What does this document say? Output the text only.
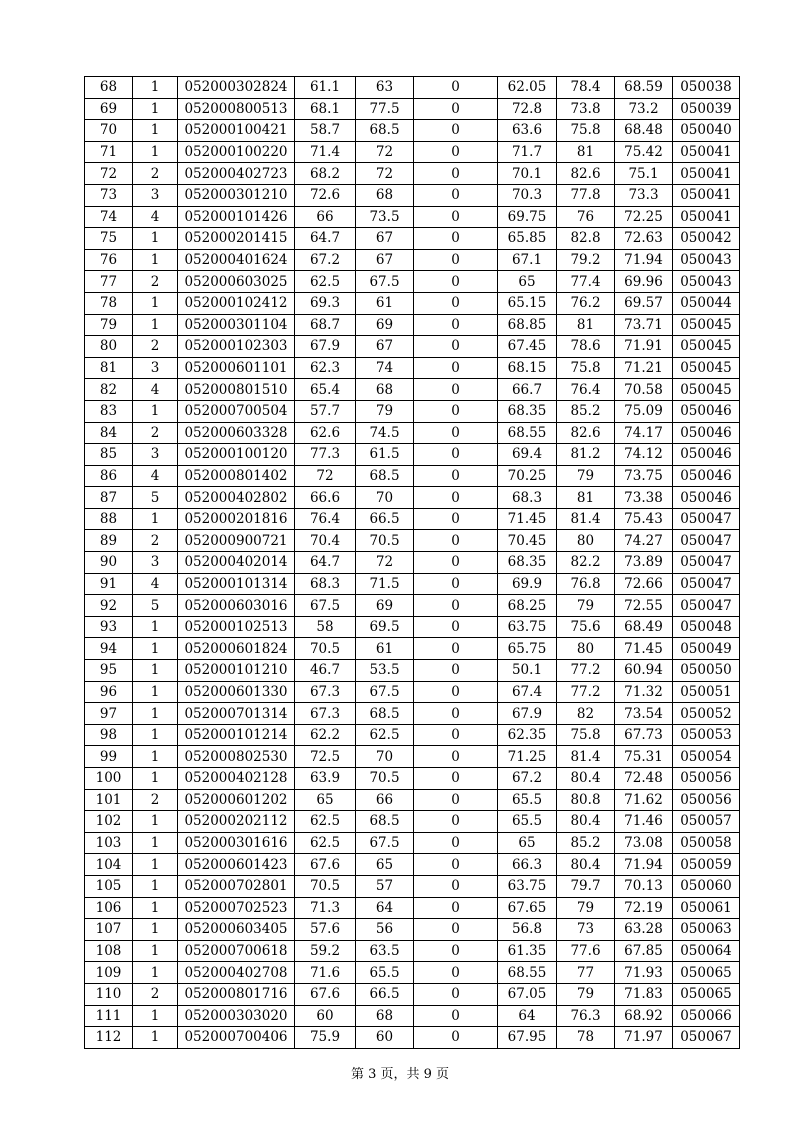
68	1	052000302824	61.1	63	0	62.05	78.4	68.59	050038
69	1	052000800513	68.1	77.5	0	72.8	73.8	73.2	050039
70	1	052000100421	58.7	68.5	0	63.6	75.8	68.48	050040
71	1	052000100220	71.4	72	0	71.7	81	75.42	050041
72	2	052000402723	68.2	72	0	70.1	82.6	75.1	050041
73	3	052000301210	72.6	68	0	70.3	77.8	73.3	050041
74	4	052000101426	66	73.5	0	69.75	76	72.25	050041
75	1	052000201415	64.7	67	0	65.85	82.8	72.63	050042
76	1	052000401624	67.2	67	0	67.1	79.2	71.94	050043
77	2	052000603025	62.5	67.5	0	65	77.4	69.96	050043
78	1	052000102412	69.3	61	0	65.15	76.2	69.57	050044
79	1	052000301104	68.7	69	0	68.85	81	73.71	050045
80	2	052000102303	67.9	67	0	67.45	78.6	71.91	050045
81	3	052000601101	62.3	74	0	68.15	75.8	71.21	050045
82	4	052000801510	65.4	68	0	66.7	76.4	70.58	050045
83	1	052000700504	57.7	79	0	68.35	85.2	75.09	050046
84	2	052000603328	62.6	74.5	0	68.55	82.6	74.17	050046
85	3	052000100120	77.3	61.5	0	69.4	81.2	74.12	050046
86	4	052000801402	72	68.5	0	70.25	79	73.75	050046
87	5	052000402802	66.6	70	0	68.3	81	73.38	050046
88	1	052000201816	76.4	66.5	0	71.45	81.4	75.43	050047
89	2	052000900721	70.4	70.5	0	70.45	80	74.27	050047
90	3	052000402014	64.7	72	0	68.35	82.2	73.89	050047
91	4	052000101314	68.3	71.5	0	69.9	76.8	72.66	050047
92	5	052000603016	67.5	69	0	68.25	79	72.55	050047
93	1	052000102513	58	69.5	0	63.75	75.6	68.49	050048
94	1	052000601824	70.5	61	0	65.75	80	71.45	050049
95	1	052000101210	46.7	53.5	0	50.1	77.2	60.94	050050
96	1	052000601330	67.3	67.5	0	67.4	77.2	71.32	050051
97	1	052000701314	67.3	68.5	0	67.9	82	73.54	050052
98	1	052000101214	62.2	62.5	0	62.35	75.8	67.73	050053
99	1	052000802530	72.5	70	0	71.25	81.4	75.31	050054
100	1	052000402128	63.9	70.5	0	67.2	80.4	72.48	050056
101	2	052000601202	65	66	0	65.5	80.8	71.62	050056
102	1	052000202112	62.5	68.5	0	65.5	80.4	71.46	050057
103	1	052000301616	62.5	67.5	0	65	85.2	73.08	050058
104	1	052000601423	67.6	65	0	66.3	80.4	71.94	050059
105	1	052000702801	70.5	57	0	63.75	79.7	70.13	050060
106	1	052000702523	71.3	64	0	67.65	79	72.19	050061
107	1	052000603405	57.6	56	0	56.8	73	63.28	050063
108	1	052000700618	59.2	63.5	0	61.35	77.6	67.85	050064
109	1	052000402708	71.6	65.5	0	68.55	77	71.93	050065
110	2	052000801716	67.6	66.5	0	67.05	79	71.83	050065
111	1	052000303020	60	68	0	64	76.3	68.92	050066
112	1	052000700406	75.9	60	0	67.95	78	71.97	050067
第 3 页，共 9 页
